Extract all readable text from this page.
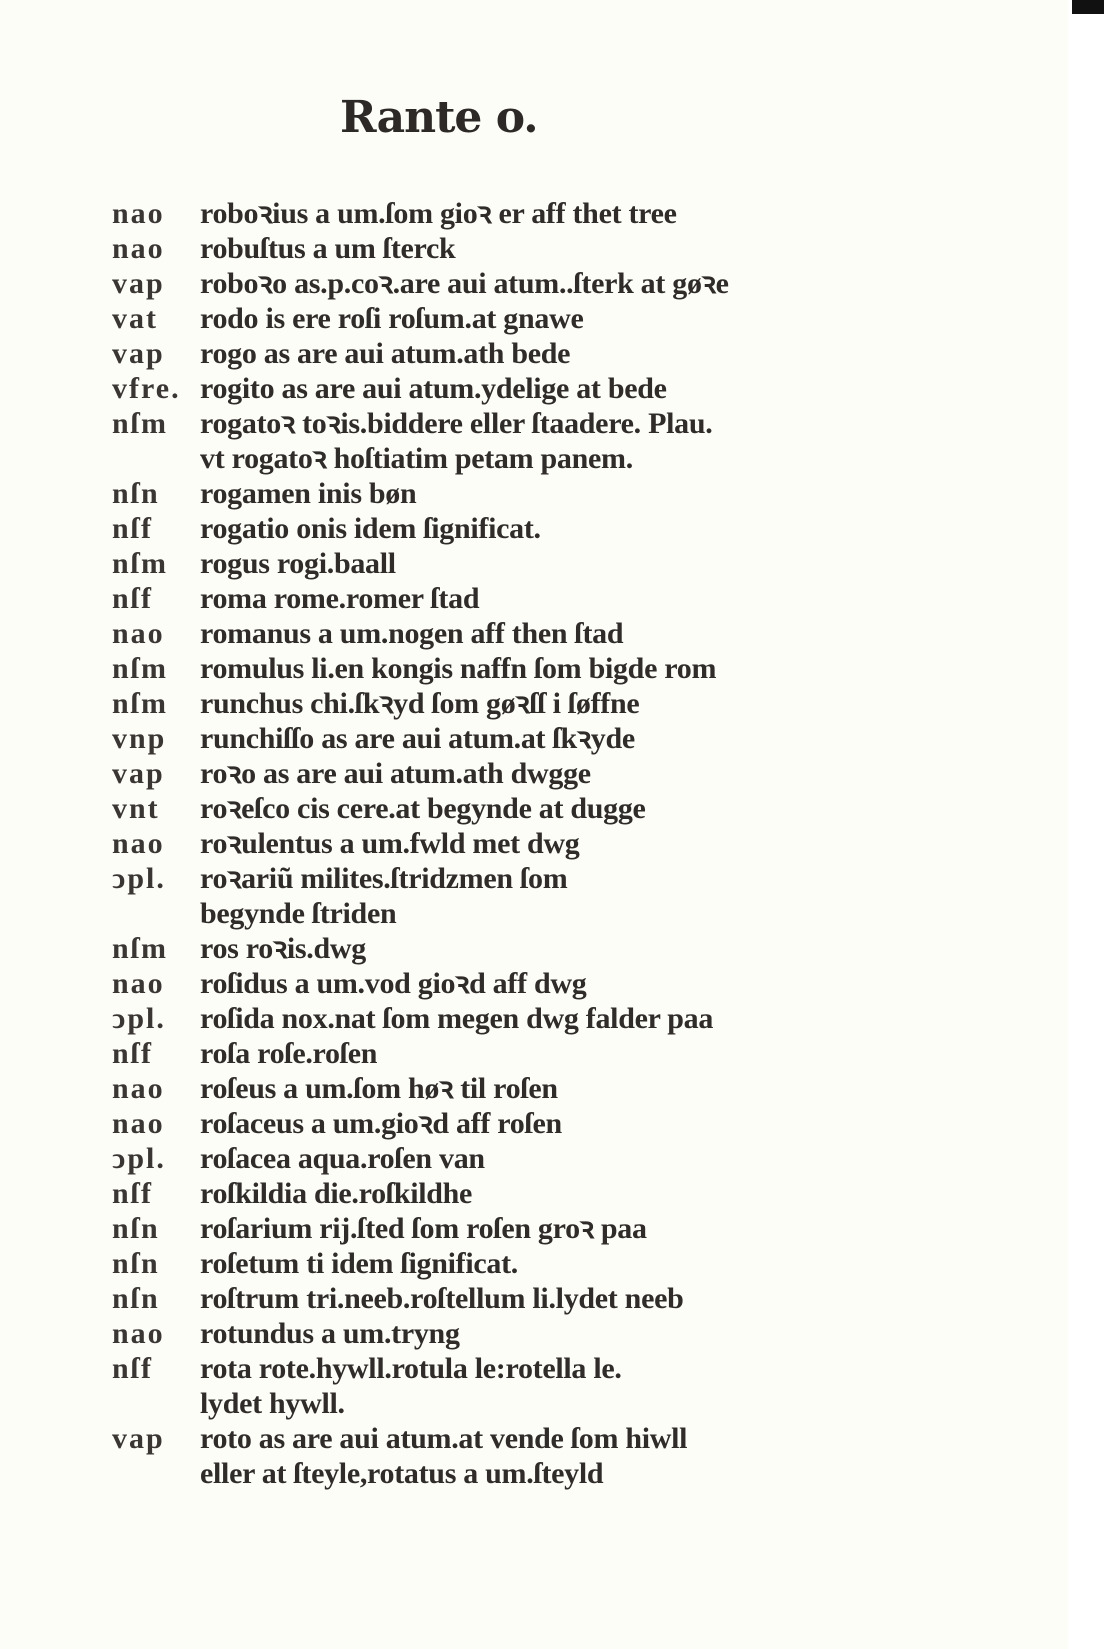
Rante o.
nao	roboꝛius a um.ſom gioꝛ er aff thet tree
nao	robuſtus a um ſterck
vap	roboꝛo as.p.coꝛ.are aui atum..ſterk at gøꝛe
vat	rodo is ere roſi roſum.at gnawe
vap	rogo as are aui atum.ath bede
vfre. rogito as are aui atum.ydelige at bede
nſm	rogatoꝛ toꝛis.biddere eller ſtaadere. Plau.
vt rogatoꝛ hoſtiatim petam panem.
nſn	rogamen inis bøn
nſf	rogatio onis idem ſignificat.
nſm	rogus rogi.baall
nſf	roma rome.romer ſtad
nao	romanus a um.nogen aff then ſtad
nſm	romulus li.en kongis naffn ſom bigde rom
nſm	runchus chi.ſkꝛyd ſom gøꝛſſ i ſøffne
vnp	runchiſſo as are aui atum.at ſkꝛyde
vap	roꝛo as are aui atum.ath dwgge
vnt	roꝛeſco cis cere.at begynde at dugge
nao	roꝛulentus a um.fwld met dwg
ↄpl.	roꝛariũ milites.ſtridzmen ſom
begynde ſtriden
nſm	ros roꝛis.dwg
nao	roſidus a um.vod gioꝛd aff dwg
ↄpl.	roſida nox.nat ſom megen dwg falder paa
nſf	roſa roſe.roſen
nao	roſeus a um.ſom høꝛ til roſen
nao	roſaceus a um.gioꝛd aff roſen
ↄpl.	roſacea aqua.roſen van
nſf	roſkildia die.roſkildhe
nſn	roſarium rij.ſted ſom roſen groꝛ paa
nſn	roſetum ti idem ſignificat.
nſn	roſtrum tri.neeb.roſtellum li.lydet neeb
nao	rotundus a um.tryng
nſf	rota rote.hywll.rotula le:rotella le.
lydet hywll.
vap	roto as are aui atum.at vende ſom hiwll
eller at ſteyle,rotatus a um.ſteyld
